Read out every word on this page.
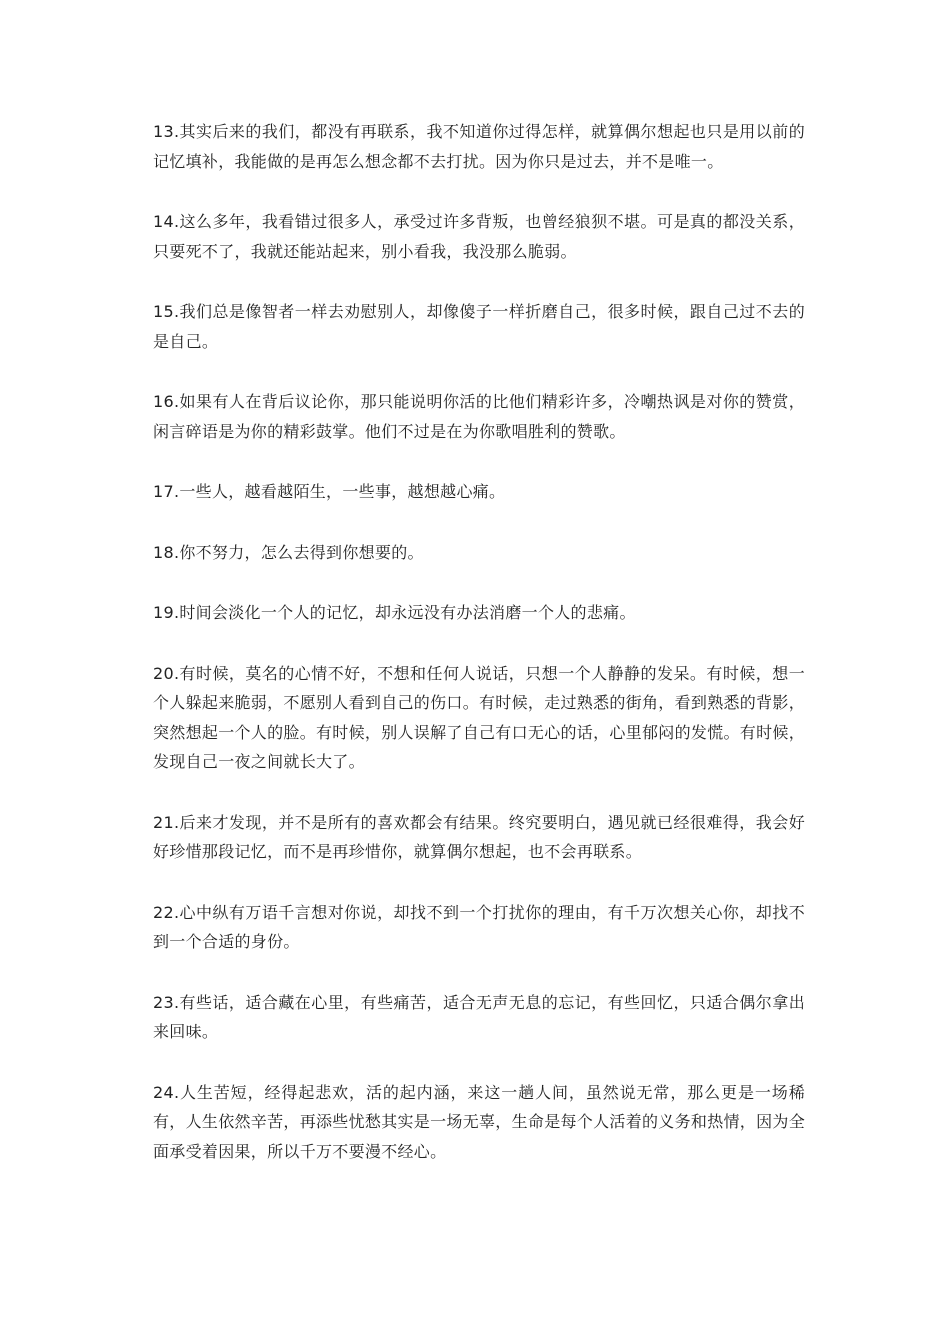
13.其实后来的我们，都没有再联系，我不知道你过得怎样，就算偶尔想起也只是用以前的记忆填补，我能做的是再怎么想念都不去打扰。因为你只是过去，并不是唯一。

14.这么多年，我看错过很多人，承受过许多背叛，也曾经狼狈不堪。可是真的都没关系，只要死不了，我就还能站起来，别小看我，我没那么脆弱。

15.我们总是像智者一样去劝慰别人，却像傻子一样折磨自己，很多时候，跟自己过不去的是自己。

16.如果有人在背后议论你，那只能说明你活的比他们精彩许多，冷嘲热讽是对你的赞赏，闲言碎语是为你的精彩鼓掌。他们不过是在为你歌唱胜利的赞歌。

17.一些人，越看越陌生，一些事，越想越心痛。

18.你不努力，怎么去得到你想要的。

19.时间会淡化一个人的记忆，却永远没有办法消磨一个人的悲痛。

20.有时候，莫名的心情不好，不想和任何人说话，只想一个人静静的发呆。有时候，想一个人躲起来脆弱，不愿别人看到自己的伤口。有时候，走过熟悉的街角，看到熟悉的背影，突然想起一个人的脸。有时候，别人误解了自己有口无心的话，心里郁闷的发慌。有时候，发现自己一夜之间就长大了。

21.后来才发现，并不是所有的喜欢都会有结果。终究要明白，遇见就已经很难得，我会好好珍惜那段记忆，而不是再珍惜你，就算偶尔想起，也不会再联系。

22.心中纵有万语千言想对你说，却找不到一个打扰你的理由，有千万次想关心你，却找不到一个合适的身份。

23.有些话，适合藏在心里，有些痛苦，适合无声无息的忘记，有些回忆，只适合偶尔拿出来回味。

24.人生苦短，经得起悲欢，活的起内涵，来这一趟人间，虽然说无常，那么更是一场稀有，人生依然辛苦，再添些忧愁其实是一场无辜，生命是每个人活着的义务和热情，因为全面承受着因果，所以千万不要漫不经心。
